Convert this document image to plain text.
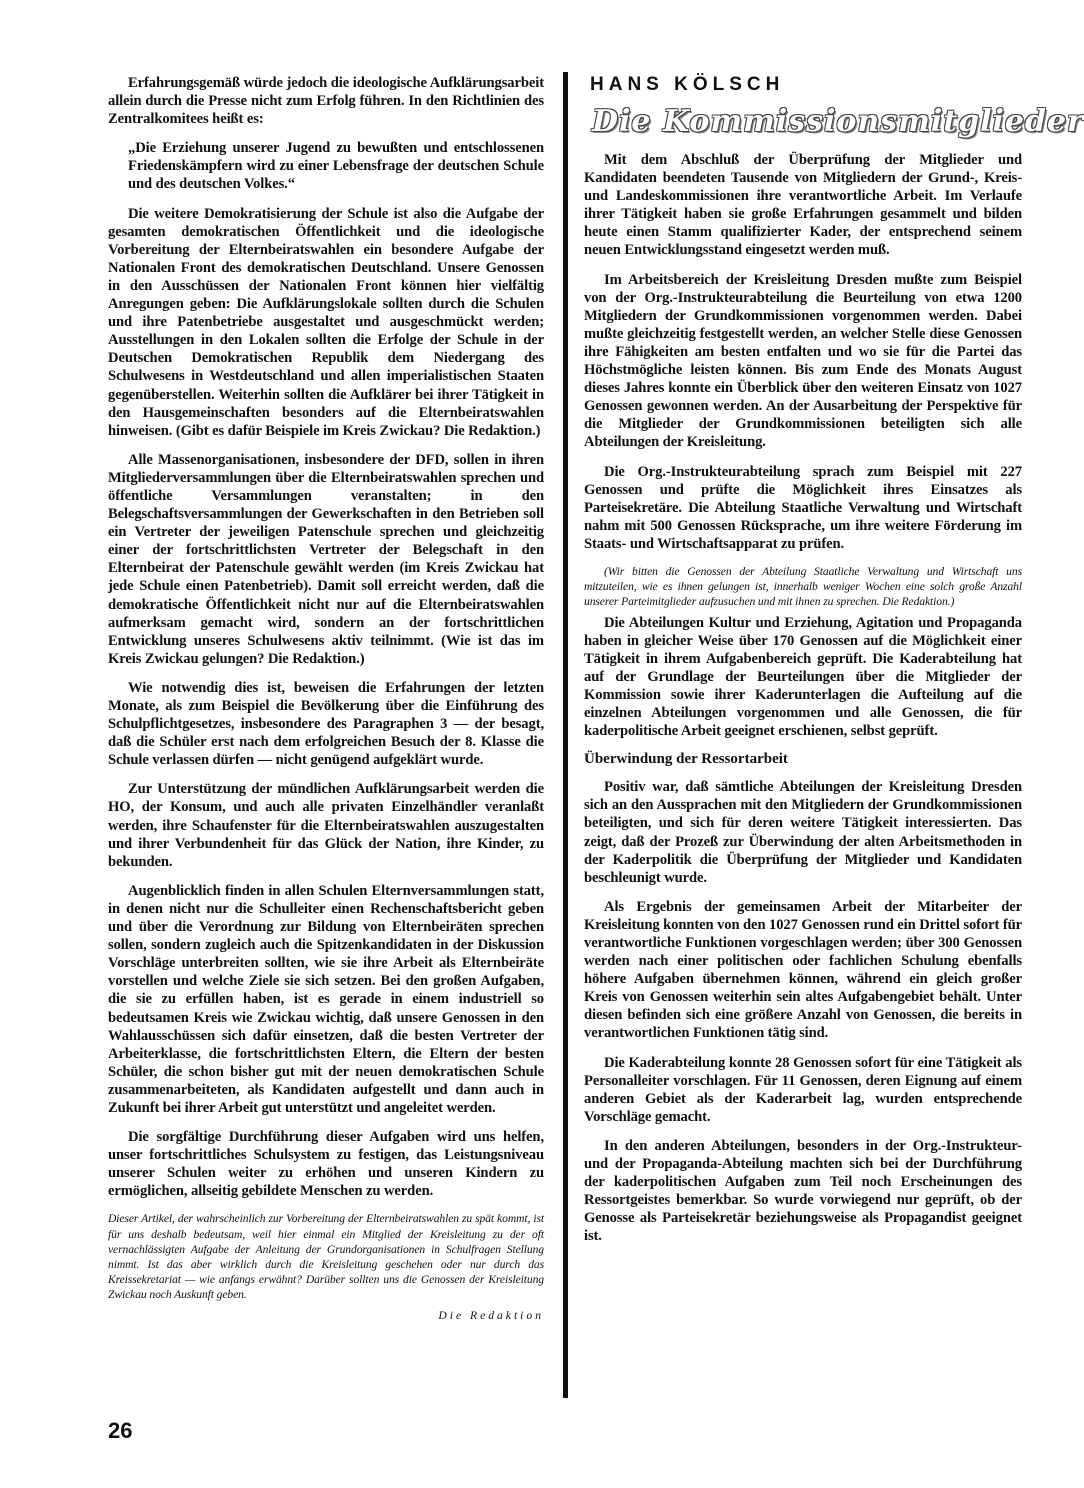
Erfahrungsgemäß würde jedoch die ideologische Aufklärungsarbeit allein durch die Presse nicht zum Erfolg führen. In den Richtlinien des Zentralkomitees heißt es:

„Die Erziehung unserer Jugend zu bewußten und entschlossenen Friedenskämpfern wird zu einer Lebensfrage der deutschen Schule und des deutschen Volkes.“

Die weitere Demokratisierung der Schule ist also die Aufgabe der gesamten demokratischen Öffentlichkeit und die ideologische Vorbereitung der Elternbeiratswahlen ein besondere Aufgabe der Nationalen Front des demokratischen Deutschland. Unsere Genossen in den Ausschüssen der Nationalen Front können hier vielfältig Anregungen geben: Die Aufklärungslokale sollten durch die Schulen und ihre Patenbetriebe ausgestaltet und ausgeschmückt werden; Ausstellungen in den Lokalen sollten die Erfolge der Schule in der Deutschen Demokratischen Republik dem Niedergang des Schulwesens in Westdeutschland und allen imperialistischen Staaten gegenüberstellen. Weiterhin sollten die Aufklärer bei ihrer Tätigkeit in den Hausgemeinschaften besonders auf die Elternbeiratswahlen hinweisen. (Gibt es dafür Beispiele im Kreis Zwickau? Die Redaktion.)

Alle Massenorganisationen, insbesondere der DFD, sollen in ihren Mitgliederversammlungen über die Elternbeiratswahlen sprechen und öffentliche Versammlungen veranstalten; in den Belegschaftsversammlungen der Gewerkschaften in den Betrieben soll ein Vertreter der jeweiligen Patenschule sprechen und gleichzeitig einer der fortschrittlichsten Vertreter der Belegschaft in den Elternbeirat der Patenschule gewählt werden (im Kreis Zwickau hat jede Schule einen Patenbetrieb). Damit soll erreicht werden, daß die demokratische Öffentlichkeit nicht nur auf die Elternbeiratswahlen aufmerksam gemacht wird, sondern an der fortschrittlichen Entwicklung unseres Schulwesens aktiv teilnimmt. (Wie ist das im Kreis Zwickau gelungen? Die Redaktion.)

Wie notwendig dies ist, beweisen die Erfahrungen der letzten Monate, als zum Beispiel die Bevölkerung über die Einführung des Schulpflichtgesetzes, insbesondere des Paragraphen 3 — der besagt, daß die Schüler erst nach dem erfolgreichen Besuch der 8. Klasse die Schule verlassen dürfen — nicht genügend aufgeklärt wurde.

Zur Unterstützung der mündlichen Aufklärungsarbeit werden die HO, der Konsum, und auch alle privaten Einzelhändler veranlaßt werden, ihre Schaufenster für die Elternbeiratswahlen auszugestalten und ihrer Verbundenheit für das Glück der Nation, ihre Kinder, zu bekunden.

Augenblicklich finden in allen Schulen Elternversammlungen statt, in denen nicht nur die Schulleiter einen Rechenschaftsbericht geben und über die Verordnung zur Bildung von Elternbeiräten sprechen sollen, sondern zugleich auch die Spitzenkandidaten in der Diskussion Vorschläge unterbreiten sollten, wie sie ihre Arbeit als Elternbeiräte vorstellen und welche Ziele sie sich setzen. Bei den großen Aufgaben, die sie zu erfüllen haben, ist es gerade in einem industriell so bedeutsamen Kreis wie Zwickau wichtig, daß unsere Genossen in den Wahlausschüssen sich dafür einsetzen, daß die besten Vertreter der Arbeiterklasse, die fortschrittlichsten Eltern, die Eltern der besten Schüler, die schon bisher gut mit der neuen demokratischen Schule zusammenarbeiteten, als Kandidaten aufgestellt und dann auch in Zukunft bei ihrer Arbeit gut unterstützt und angeleitet werden.

Die sorgfältige Durchführung dieser Aufgaben wird uns helfen, unser fortschrittliches Schulsystem zu festigen, das Leistungsniveau unserer Schulen weiter zu erhöhen und unseren Kindern zu ermöglichen, allseitig gebildete Menschen zu werden.

Dieser Artikel, der wahrscheinlich zur Vorbereitung der Elternbeiratswahlen zu spät kommt, ist für uns deshalb bedeutsam, weil hier einmal ein Mitglied der Kreisleitung zu der oft vernachlässigten Aufgabe der Anleitung der Grundorganisationen in Schulfragen Stellung nimmt. Ist das aber wirklich durch die Kreisleitung geschehen oder nur durch das Kreissekretariat — wie anfangs erwähnt? Darüber sollten uns die Genossen der Kreisleitung Zwickau noch Auskunft geben.

Die Redaktion

HANS KÖLSCH
Die Kommissionsmitglieder

Mit dem Abschluß der Überprüfung der Mitglieder und Kandidaten beendeten Tausende von Mitgliedern der Grund-, Kreis- und Landeskommissionen ihre verantwortliche Arbeit. Im Verlaufe ihrer Tätigkeit haben sie große Erfahrungen gesammelt und bilden heute einen Stamm qualifizierter Kader, der entsprechend seinem neuen Entwicklungsstand eingesetzt werden muß.

Im Arbeitsbereich der Kreisleitung Dresden mußte zum Beispiel von der Org.-Instrukteurabteilung die Beurteilung von etwa 1200 Mitgliedern der Grundkommissionen vorgenommen werden. Dabei mußte gleichzeitig festgestellt werden, an welcher Stelle diese Genossen ihre Fähigkeiten am besten entfalten und wo sie für die Partei das Höchstmögliche leisten können. Bis zum Ende des Monats August dieses Jahres konnte ein Überblick über den weiteren Einsatz von 1027 Genossen gewonnen werden. An der Ausarbeitung der Perspektive für die Mitglieder der Grundkommissionen beteiligten sich alle Abteilungen der Kreisleitung.

Die Org.-Instrukteurabteilung sprach zum Beispiel mit 227 Genossen und prüfte die Möglichkeit ihres Einsatzes als Parteisekretäre. Die Abteilung Staatliche Verwaltung und Wirtschaft nahm mit 500 Genossen Rücksprache, um ihre weitere Förderung im Staats- und Wirtschaftsapparat zu prüfen.

(Wir bitten die Genossen der Abteilung Staatliche Verwaltung und Wirtschaft uns mitzuteilen, wie es ihnen gelungen ist, innerhalb weniger Wochen eine solch große Anzahl unserer Parteimitglieder aufzusuchen und mit ihnen zu sprechen. Die Redaktion.)

Die Abteilungen Kultur und Erziehung, Agitation und Propaganda haben in gleicher Weise über 170 Genossen auf die Möglichkeit einer Tätigkeit in ihrem Aufgabenbereich geprüft. Die Kaderabteilung hat auf der Grundlage der Beurteilungen über die Mitglieder der Kommission sowie ihrer Kaderunterlagen die Aufteilung auf die einzelnen Abteilungen vorgenommen und alle Genossen, die für kaderpolitische Arbeit geeignet erschienen, selbst geprüft.

Überwindung der Ressortarbeit

Positiv war, daß sämtliche Abteilungen der Kreisleitung Dresden sich an den Aussprachen mit den Mitgliedern der Grundkommissionen beteiligten, und sich für deren weitere Tätigkeit interessierten. Das zeigt, daß der Prozeß zur Überwindung der alten Arbeitsmethoden in der Kaderpolitik die Überprüfung der Mitglieder und Kandidaten beschleunigt wurde.

Als Ergebnis der gemeinsamen Arbeit der Mitarbeiter der Kreisleitung konnten von den 1027 Genossen rund ein Drittel sofort für verantwortliche Funktionen vorgeschlagen werden; über 300 Genossen werden nach einer politischen oder fachlichen Schulung ebenfalls höhere Aufgaben übernehmen können, während ein gleich großer Kreis von Genossen weiterhin sein altes Aufgabengebiet behält. Unter diesen befinden sich eine größere Anzahl von Genossen, die bereits in verantwortlichen Funktionen tätig sind.

Die Kaderabteilung konnte 28 Genossen sofort für eine Tätigkeit als Personalleiter vorschlagen. Für 11 Genossen, deren Eignung auf einem anderen Gebiet als der Kaderarbeit lag, wurden entsprechende Vorschläge gemacht.

In den anderen Abteilungen, besonders in der Org.-Instrukteur- und der Propaganda-Abteilung machten sich bei der Durchführung der kaderpolitischen Aufgaben zum Teil noch Erscheinungen des Ressortgeistes bemerkbar. So wurde vorwiegend nur geprüft, ob der Genosse als Parteisekretär beziehungsweise als Propagandist geeignet ist.

26
